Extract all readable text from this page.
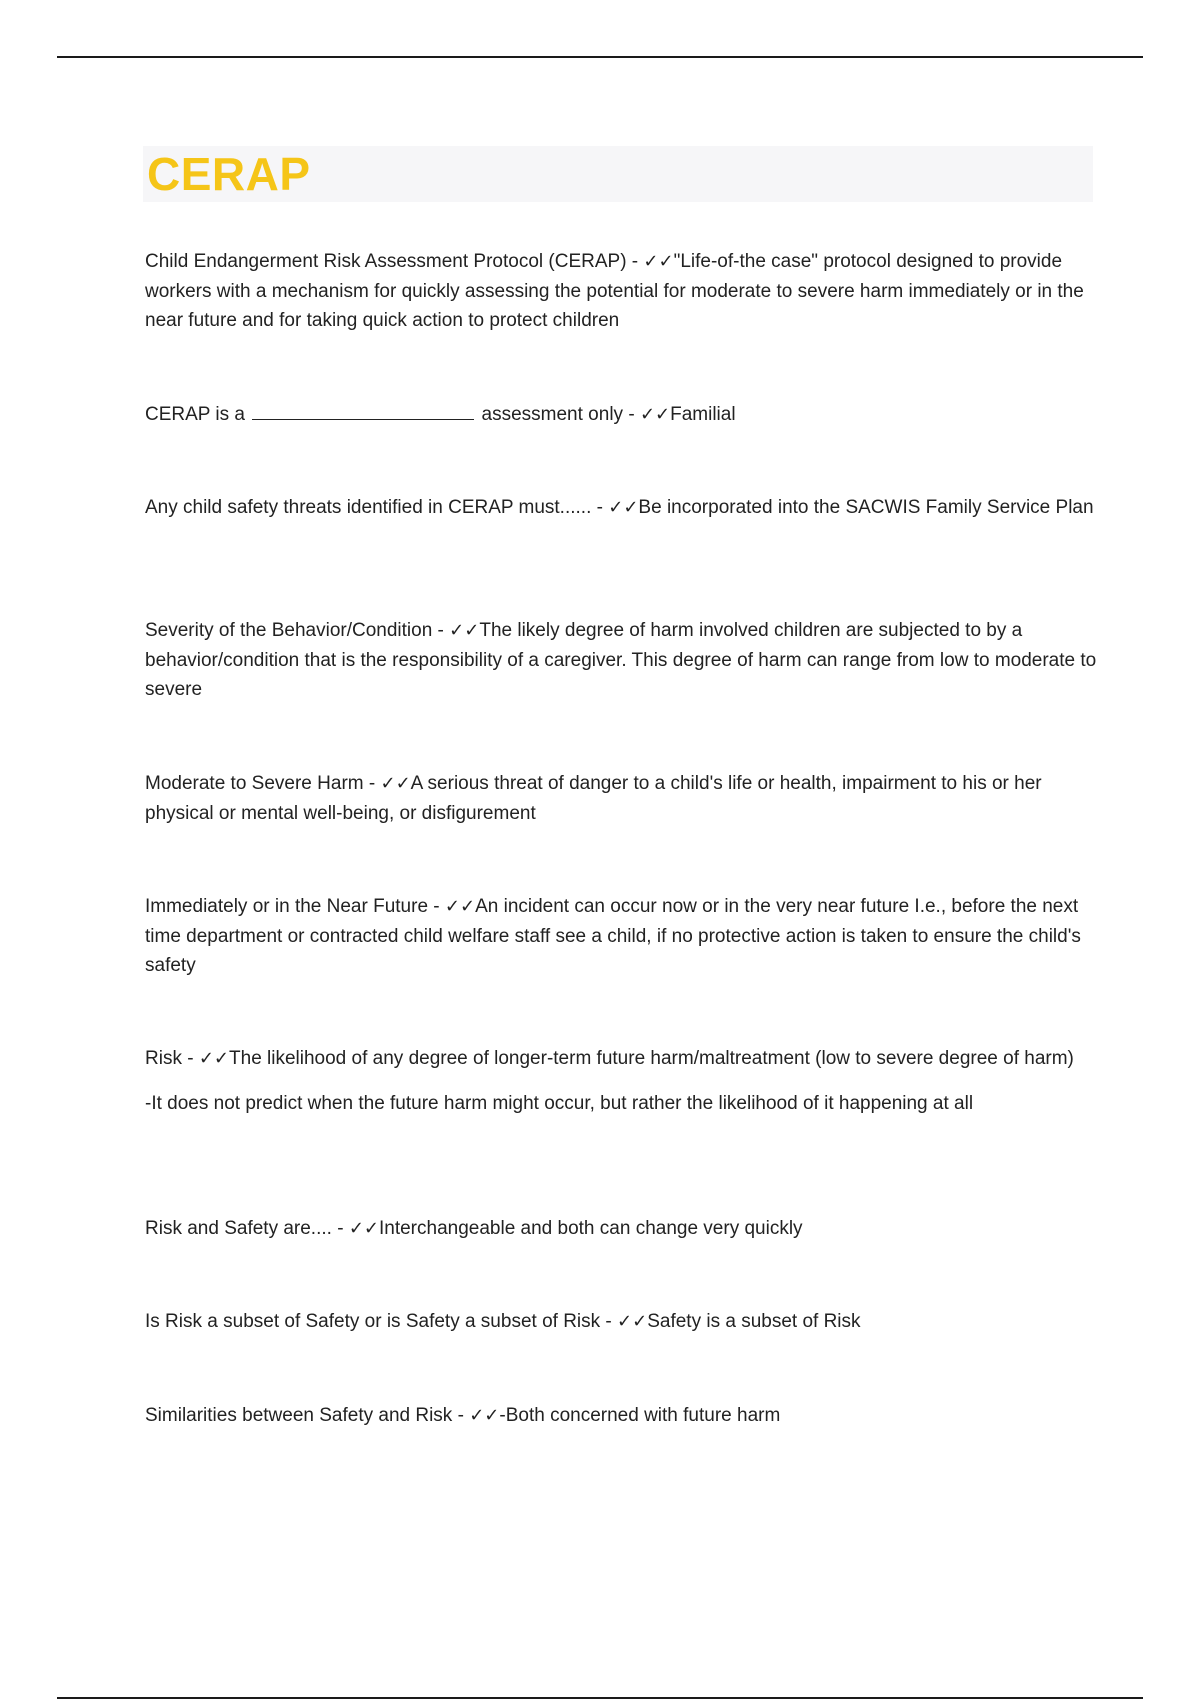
CERAP

Child Endangerment Risk Assessment Protocol (CERAP) - ✓✓"Life-of-the case" protocol designed to provide workers with a mechanism for quickly assessing the potential for moderate to severe harm immediately or in the near future and for taking quick action to protect children

CERAP is a	assessment only - ✓✓Familial

Any child safety threats identified in CERAP must...... - ✓✓Be incorporated into the SACWIS Family Service Plan

Severity of the Behavior/Condition - ✓✓The likely degree of harm involved children are subjected to by a behavior/condition that is the responsibility of a caregiver. This degree of harm can range from low to moderate to severe

Moderate to Severe Harm - ✓✓A serious threat of danger to a child's life or health, impairment to his or her physical or mental well-being, or disfigurement

Immediately or in the Near Future - ✓✓An incident can occur now or in the very near future I.e., before the next time department or contracted child welfare staff see a child, if no protective action is taken to ensure the child's safety

Risk - ✓✓The likelihood of any degree of longer-term future harm/maltreatment (low to severe degree of harm)

-It does not predict when the future harm might occur, but rather the likelihood of it happening at all

Risk and Safety are.... - ✓✓Interchangeable and both can change very quickly

Is Risk a subset of Safety or is Safety a subset of Risk - ✓✓Safety is a subset of Risk

Similarities between Safety and Risk - ✓✓-Both concerned with future harm
